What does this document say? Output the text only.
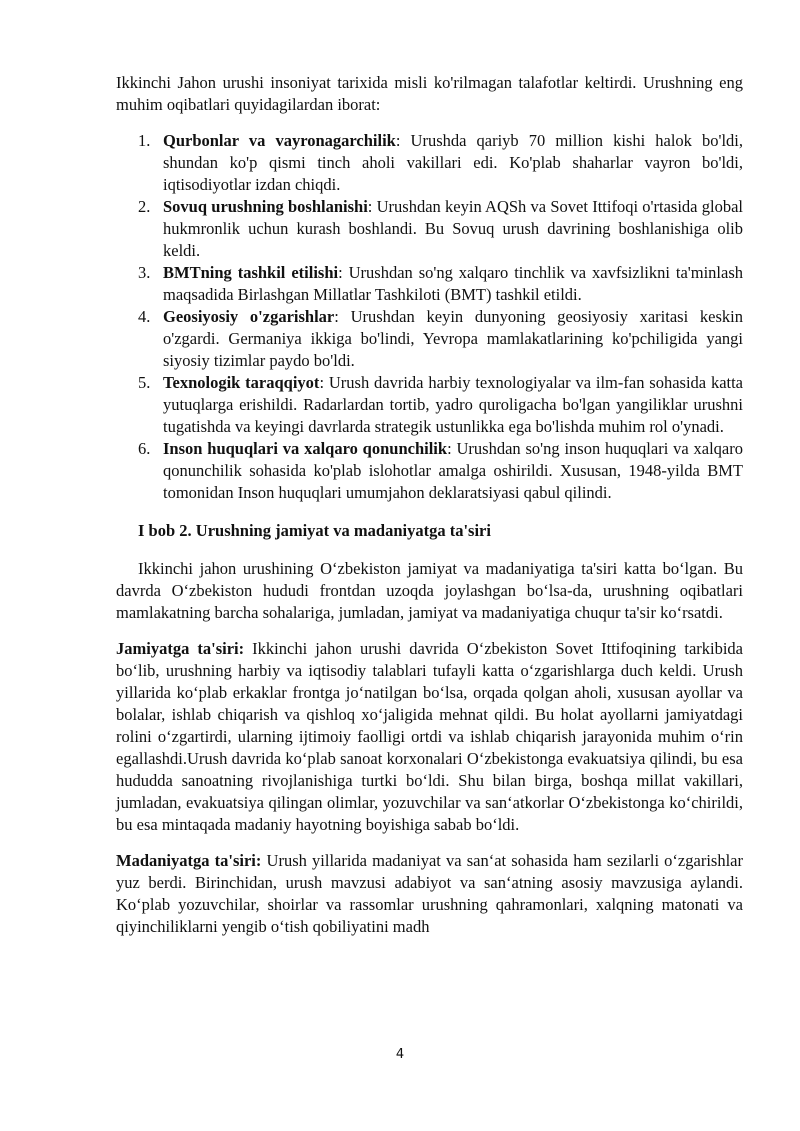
Ikkinchi Jahon urushi insoniyat tarixida misli ko'rilmagan talafotlar keltirdi. Urushning eng muhim oqibatlari quyidagilardan iborat:

1. Qurbonlar va vayronagarchilik: Urushda qariyb 70 million kishi halok bo'ldi, shundan ko'p qismi tinch aholi vakillari edi. Ko'plab shaharlar vayron bo'ldi, iqtisodiyotlar izdan chiqdi.
2. Sovuq urushning boshlanishi: Urushdan keyin AQSh va Sovet Ittifoqi o'rtasida global hukmronlik uchun kurash boshlandi. Bu Sovuq urush davrining boshlanishiga olib keldi.
3. BMTning tashkil etilishi: Urushdan so'ng xalqaro tinchlik va xavfsizlikni ta'minlash maqsadida Birlashgan Millatlar Tashkiloti (BMT) tashkil etildi.
4. Geosiyosiy o'zgarishlar: Urushdan keyin dunyoning geosiyosiy xaritasi keskin o'zgardi. Germaniya ikkiga bo'lindi, Yevropa mamlakatlarining ko'pchiligida yangi siyosiy tizimlar paydo bo'ldi.
5. Texnologik taraqqiyot: Urush davrida harbiy texnologiyalar va ilm-fan sohasida katta yutuqlarga erishildi. Radarlardan tortib, yadro quroligacha bo'lgan yangiliklar urushni tugatishda va keyingi davrlarda strategik ustunlikka ega bo'lishda muhim rol o'ynadi.
6. Inson huquqlari va xalqaro qonunchilik: Urushdan so'ng inson huquqlari va xalqaro qonunchilik sohasida ko'plab islohotlar amalga oshirildi. Xususan, 1948-yilda BMT tomonidan Inson huquqlari umumjahon deklaratsiyasi qabul qilindi.
I bob 2. Urushning jamiyat va madaniyatga ta'siri

Ikkinchi jahon urushining O‘zbekiston jamiyat va madaniyatiga ta'siri katta bo‘lgan. Bu davrda O‘zbekiston hududi frontdan uzoqda joylashgan bo‘lsa-da, urushning oqibatlari mamlakatning barcha sohalariga, jumladan, jamiyat va madaniyatiga chuqur ta'sir ko‘rsatdi.

Jamiyatga ta'siri: Ikkinchi jahon urushi davrida O‘zbekiston Sovet Ittifoqining tarkibida bo‘lib, urushning harbiy va iqtisodiy talablari tufayli katta o‘zgarishlarga duch keldi. Urush yillarida ko‘plab erkaklar frontga jo‘natilgan bo‘lsa, orqada qolgan aholi, xususan ayollar va bolalar, ishlab chiqarish va qishloq xo‘jaligida mehnat qildi. Bu holat ayollarni jamiyatdagi rolini o‘zgartirdi, ularning ijtimoiy faolligi ortdi va ishlab chiqarish jarayonida muhim o‘rin egallashdi.Urush davrida ko‘plab sanoat korxonalari O‘zbekistonga evakuatsiya qilindi, bu esa hududda sanoatning rivojlanishiga turtki bo‘ldi. Shu bilan birga, boshqa millat vakillari, jumladan, evakuatsiya qilingan olimlar, yozuvchilar va san‘atkorlar O‘zbekistonga ko‘chirildi, bu esa mintaqada madaniy hayotning boyishiga sabab bo‘ldi.

Madaniyatga ta'siri: Urush yillarida madaniyat va san‘at sohasida ham sezilarli o‘zgarishlar yuz berdi. Birinchidan, urush mavzusi adabiyot va san‘atning asosiy mavzusiga aylandi. Ko‘plab yozuvchilar, shoirlar va rassomlar urushning qahramonlari, xalqning matonati va qiyinchiliklarni yengib o‘tish qobiliyatini madh

4
